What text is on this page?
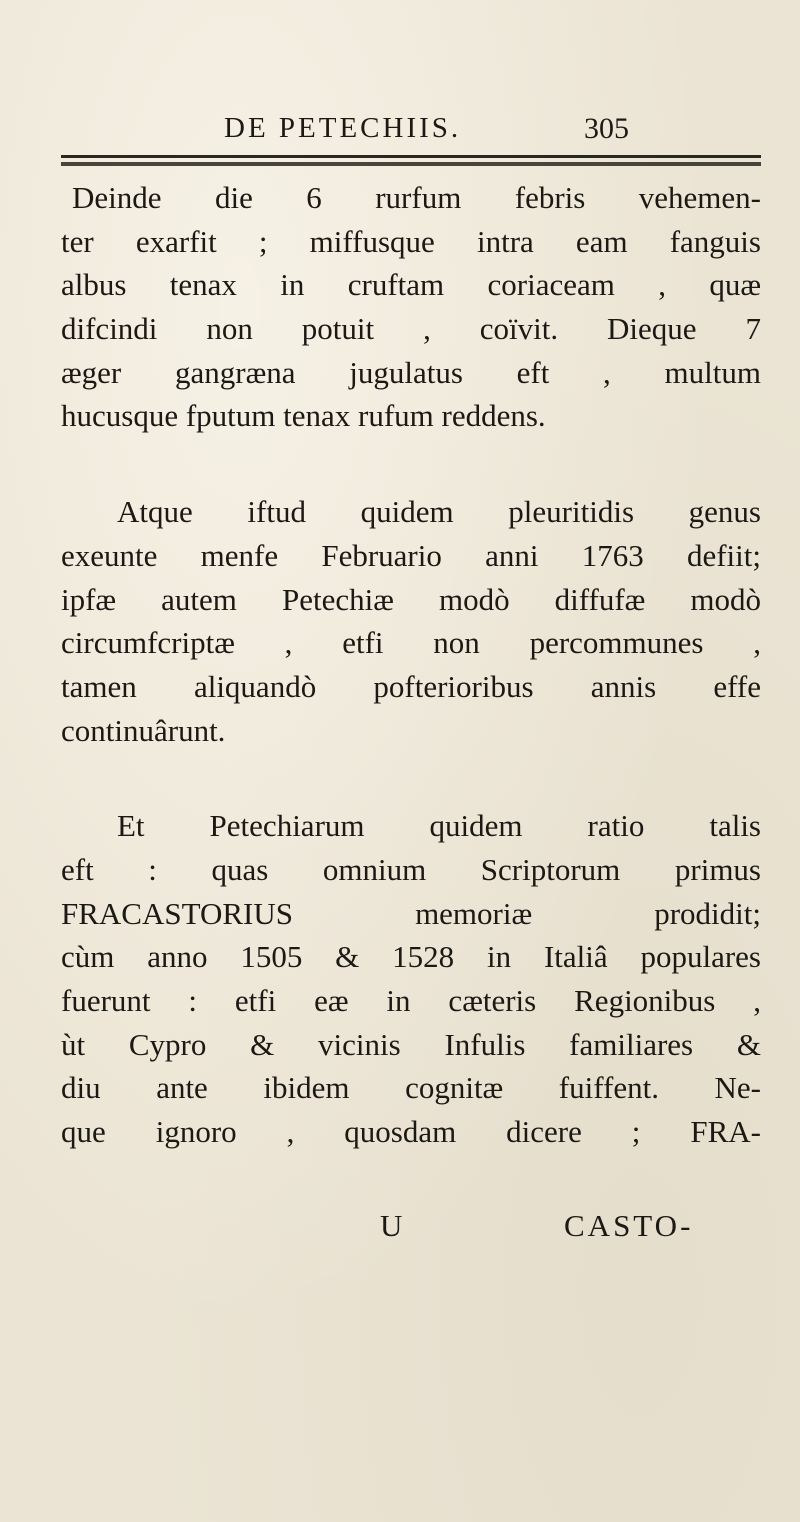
DE PETECHIIS.	305
Deinde die 6 rurfum febris vehemen-
ter exarfit ; miffusque intra eam fanguis
albus tenax in cruftam coriaceam , quæ
difcindi non potuit , coïvit. Dieque 7
æger gangræna jugulatus eft , multum
hucusque fputum tenax rufum reddens.
Atque iftud quidem pleuritidis genus
exeunte menfe Februario anni 1763 defiit;
ipfæ autem Petechiæ modò diffufæ modò
circumfcriptæ , etfi non percommunes ,
tamen aliquandò pofterioribus annis effe
continuârunt.
Et Petechiarum quidem ratio talis
eft : quas omnium Scriptorum primus
FRACASTORIUS memoriæ prodidit;
cùm anno 1505 & 1528 in Italiâ populares
fuerunt : etfi eæ in cæteris Regionibus ,
ùt Cypro & vicinis Infulis familiares &
diu ante ibidem cognitæ fuiffent. Ne-
que ignoro , quosdam dicere ; FRA-
U	CASTO-
